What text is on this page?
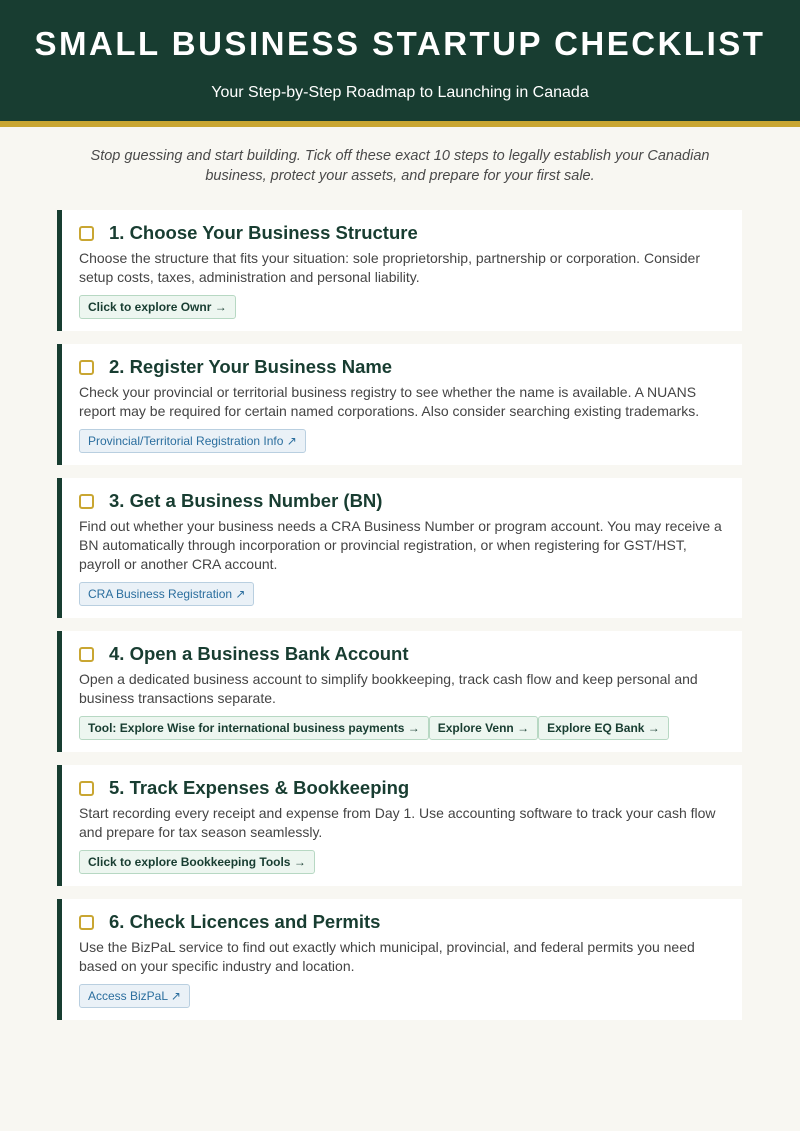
SMALL BUSINESS STARTUP CHECKLIST
Your Step-by-Step Roadmap to Launching in Canada

Stop guessing and start building. Tick off these exact 10 steps to legally establish your Canadian business, protect your assets, and prepare for your first sale.

1. Choose Your Business Structure

Choose the structure that fits your situation: sole proprietorship, partnership or corporation. Consider setup costs, taxes, administration and personal liability.

Click to explore Ownr →
2. Register Your Business Name

Check your provincial or territorial business registry to see whether the name is available. A NUANS report may be required for certain named corporations. Also consider searching existing trademarks.

Provincial/Territorial Registration Info ↗
3. Get a Business Number (BN)

Find out whether your business needs a CRA Business Number or program account. You may receive a BN automatically through incorporation or provincial registration, or when registering for GST/HST, payroll or another CRA account.

CRA Business Registration ↗
4. Open a Business Bank Account

Open a dedicated business account to simplify bookkeeping, track cash flow and keep personal and business transactions separate.

Tool: Explore Wise for international business payments →	Explore Venn →	Explore EQ Bank →
5. Track Expenses & Bookkeeping

Start recording every receipt and expense from Day 1. Use accounting software to track your cash flow and prepare for tax season seamlessly.

Click to explore Bookkeeping Tools →
6. Check Licences and Permits

Use the BizPaL service to find out exactly which municipal, provincial, and federal permits you need based on your specific industry and location.

Access BizPaL ↗
